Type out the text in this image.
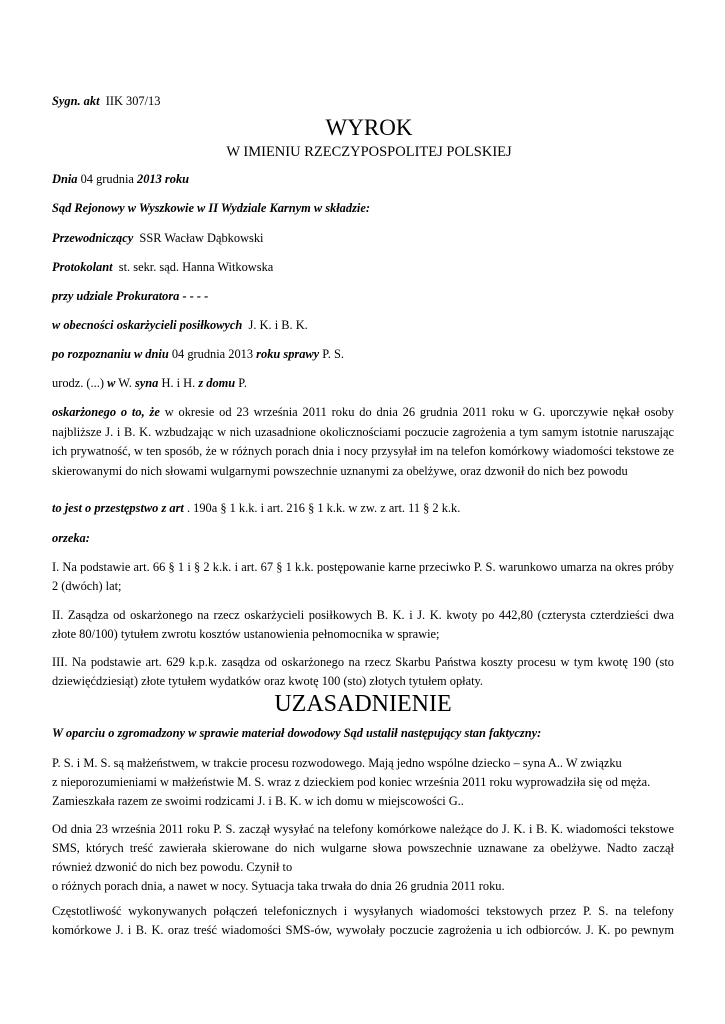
Sygn. akt IIK 307/13

WYROK

W IMIENIU RZECZYPOSPOLITEJ POLSKIEJ

Dnia 04 grudnia 2013 roku

Sąd Rejonowy w Wyszkowie w II Wydziale Karnym w składzie:

Przewodniczący SSR Wacław Dąbkowski

Protokolant st. sekr. sąd. Hanna Witkowska

przy udziale Prokuratora - - - -

w obecności oskarżycieli posiłkowych J. K. i B. K.

po rozpoznaniu w dniu 04 grudnia 2013 roku sprawy P. S.

urodz. (...) w W. syna H. i H. z domu P.

oskarżonego o to, że w okresie od 23 września 2011 roku do dnia 26 grudnia 2011 roku w G. uporczywie nękał osoby najbliższe J. i B. K. wzbudzając w nich uzasadnione okolicznościami poczucie zagrożenia a tym samym istotnie naruszając ich prywatność, w ten sposób, że w różnych porach dnia i nocy przysyłał im na telefon komórkowy wiadomości tekstowe ze skierowanymi do nich słowami wulgarnymi powszechnie uznanymi za obelżywe, oraz dzwonił do nich bez powodu

to jest o przestępstwo z art . 190a § 1 k.k. i art. 216 § 1 k.k. w zw. z art. 11 § 2 k.k.

orzeka:

I. Na podstawie art. 66 § 1 i § 2 k.k. i art. 67 § 1 k.k. postępowanie karne przeciwko P. S. warunkowo umarza na okres próby 2 (dwóch) lat;

II. Zasądza od oskarżonego na rzecz oskarżycieli posiłkowych B. K. i J. K. kwoty po 442,80 (czterysta czterdzieści dwa złote 80/100) tytułem zwrotu kosztów ustanowienia pełnomocnika w sprawie;

III. Na podstawie art. 629 k.p.k. zasądza od oskarżonego na rzecz Skarbu Państwa koszty procesu w tym kwotę 190 (sto dziewięćdziesiąt) złote tytułem wydatków oraz kwotę 100 (sto) złotych tytułem opłaty.

UZASADNIENIE

W oparciu o zgromadzony w sprawie materiał dowodowy Sąd ustalił następujący stan faktyczny:

P. S. i M. S. są małżeństwem, w trakcie procesu rozwodowego. Mają jedno wspólne dziecko – syna A.. W związku
z nieporozumieniami w małżeństwie M. S. wraz z dzieckiem pod koniec września 2011 roku wyprowadziła się od męża.
Zamieszkała razem ze swoimi rodzicami J. i B. K. w ich domu w miejscowości G..
Od dnia 23 września 2011 roku P. S. zaczął wysyłać na telefony komórkowe należące do J. K. i B. K. wiadomości tekstowe SMS, których treść zawierała skierowane do nich wulgarne słowa powszechnie uznawane za obelżywe. Nadto zaczął również dzwonić do nich bez powodu. Czynił to
o różnych porach dnia, a nawet w nocy. Sytuacja taka trwała do dnia 26 grudnia 2011 roku.
Częstotliwość wykonywanych połączeń telefonicznych i wysyłanych wiadomości tekstowych przez P. S. na telefony komórkowe J. i B. K. oraz treść wiadomości SMS-ów, wywołały poczucie zagrożenia u ich odbiorców. J. K. po pewnym
